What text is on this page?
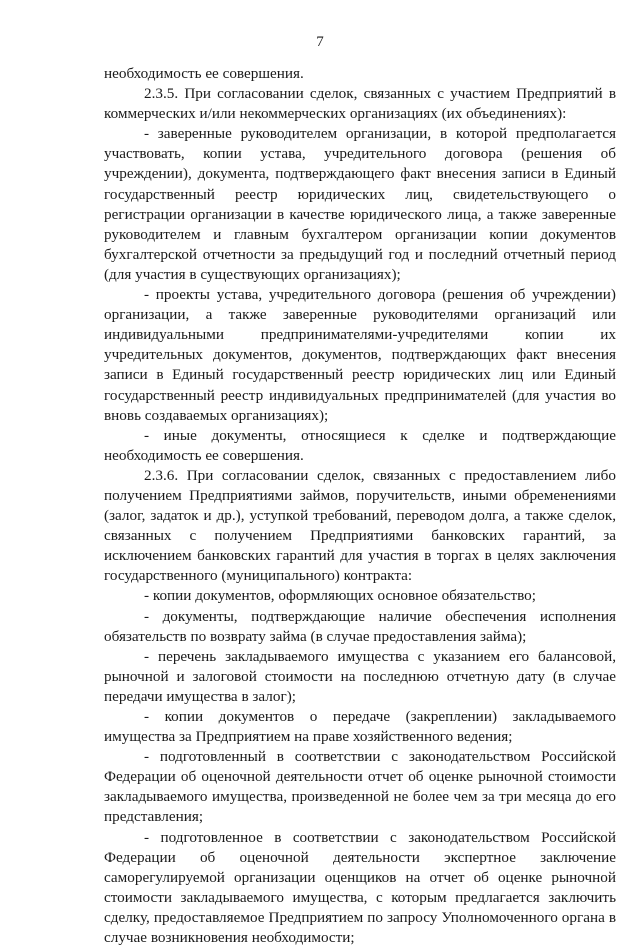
7

необходимость ее совершения.

2.3.5. При согласовании сделок, связанных с участием Предприятий в коммерческих и/или некоммерческих организациях (их объединениях):

- заверенные руководителем организации, в которой предполагается участвовать, копии устава, учредительного договора (решения об учреждении), документа, подтверждающего факт внесения записи в Единый государственный реестр юридических лиц, свидетельствующего о регистрации организации в качестве юридического лица, а также заверенные руководителем и главным бухгалтером организации копии документов бухгалтерской отчетности за предыдущий год и последний отчетный период (для участия в существующих организациях);

- проекты устава, учредительного договора (решения об учреждении) организации, а также заверенные руководителями организаций или индивидуальными предпринимателями-учредителями копии их учредительных документов, документов, подтверждающих факт внесения записи в Единый государственный реестр юридических лиц или Единый государственный реестр индивидуальных предпринимателей (для участия во вновь создаваемых организациях);

- иные документы, относящиеся к сделке и подтверждающие необходимость ее совершения.

2.3.6. При согласовании сделок, связанных с предоставлением либо получением Предприятиями займов, поручительств, иными обременениями (залог, задаток и др.), уступкой требований, переводом долга, а также сделок, связанных с получением Предприятиями банковских гарантий, за исключением банковских гарантий для участия в торгах в целях заключения государственного (муниципального) контракта:

- копии документов, оформляющих основное обязательство;

- документы, подтверждающие наличие обеспечения исполнения обязательств по возврату займа (в случае предоставления займа);

- перечень закладываемого имущества с указанием его балансовой, рыночной и залоговой стоимости на последнюю отчетную дату (в случае передачи имущества в залог);

- копии документов о передаче (закреплении) закладываемого имущества за Предприятием на праве хозяйственного ведения;

- подготовленный в соответствии с законодательством Российской Федерации об оценочной деятельности отчет об оценке рыночной стоимости закладываемого имущества, произведенной не более чем за три месяца до его представления;

- подготовленное в соответствии с законодательством Российской Федерации об оценочной деятельности экспертное заключение саморегулируемой организации оценщиков на отчет об оценке рыночной стоимости закладываемого имущества, с которым предлагается заключить сделку, предоставляемое Предприятием по запросу Уполномоченного органа в случае возникновения необходимости;
